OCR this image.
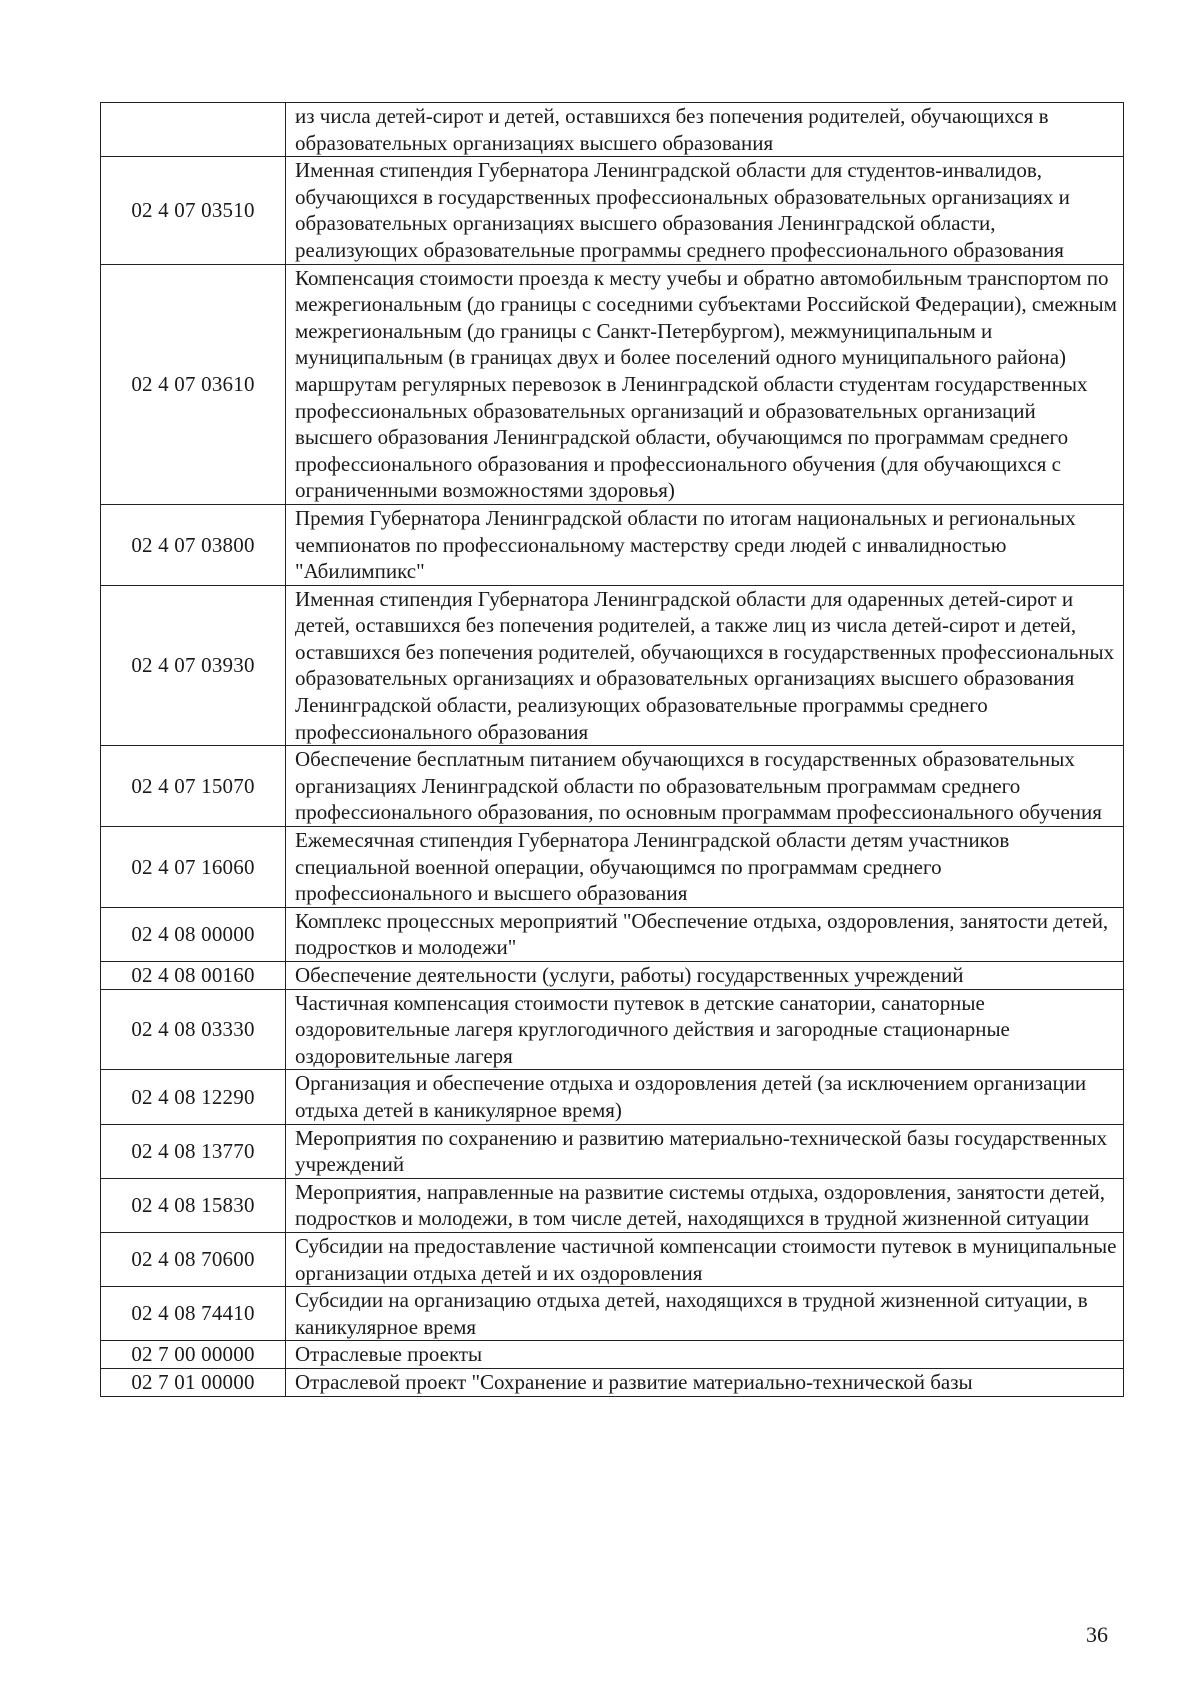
	из числа детей-сирот и детей, оставшихся без попечения родителей, обучающихся в образовательных организациях высшего образования
02 4 07 03510	Именная стипендия Губернатора Ленинградской области для студентов-инвалидов, обучающихся в государственных профессиональных образовательных организациях и образовательных организациях высшего образования Ленинградской области, реализующих образовательные программы среднего профессионального образования
02 4 07 03610	Компенсация стоимости проезда к месту учебы и обратно автомобильным транспортом по межрегиональным (до границы с соседними субъектами Российской Федерации), смежным межрегиональным (до границы с Санкт-Петербургом), межмуниципальным и муниципальным (в границах двух и более поселений одного муниципального района) маршрутам регулярных перевозок в Ленинградской области студентам государственных профессиональных образовательных организаций и образовательных организаций высшего образования Ленинградской области, обучающимся по программам среднего профессионального образования и профессионального обучения (для обучающихся с ограниченными возможностями здоровья)
02 4 07 03800	Премия Губернатора Ленинградской области по итогам национальных и региональных чемпионатов по профессиональному мастерству среди людей с инвалидностью "Абилимпикс"
02 4 07 03930	Именная стипендия Губернатора Ленинградской области для одаренных детей-сирот и детей, оставшихся без попечения родителей, а также лиц из числа детей-сирот и детей, оставшихся без попечения родителей, обучающихся в государственных профессиональных образовательных организациях и образовательных организациях высшего образования Ленинградской области, реализующих образовательные программы среднего профессионального образования
02 4 07 15070	Обеспечение бесплатным питанием обучающихся в государственных образовательных организациях Ленинградской области по образовательным программам среднего профессионального образования, по основным программам профессионального обучения
02 4 07 16060	Ежемесячная стипендия Губернатора Ленинградской области детям участников специальной военной операции, обучающимся по программам среднего профессионального и высшего образования
02 4 08 00000	Комплекс процессных мероприятий "Обеспечение отдыха, оздоровления, занятости детей, подростков и молодежи"
02 4 08 00160	Обеспечение деятельности (услуги, работы) государственных учреждений
02 4 08 03330	Частичная компенсация стоимости путевок в детские санатории, санаторные оздоровительные лагеря круглогодичного действия и загородные стационарные оздоровительные лагеря
02 4 08 12290	Организация и обеспечение отдыха и оздоровления детей (за исключением организации отдыха детей в каникулярное время)
02 4 08 13770	Мероприятия по сохранению и развитию материально-технической базы государственных учреждений
02 4 08 15830	Мероприятия, направленные на развитие системы отдыха, оздоровления, занятости детей, подростков и молодежи, в том числе детей, находящихся в трудной жизненной ситуации
02 4 08 70600	Субсидии на предоставление частичной компенсации стоимости путевок в муниципальные организации отдыха детей и их оздоровления
02 4 08 74410	Субсидии на организацию отдыха детей, находящихся в трудной жизненной ситуации, в каникулярное время
02 7 00 00000	Отраслевые проекты
02 7 01 00000	Отраслевой проект "Сохранение и развитие материально-технической базы
36
